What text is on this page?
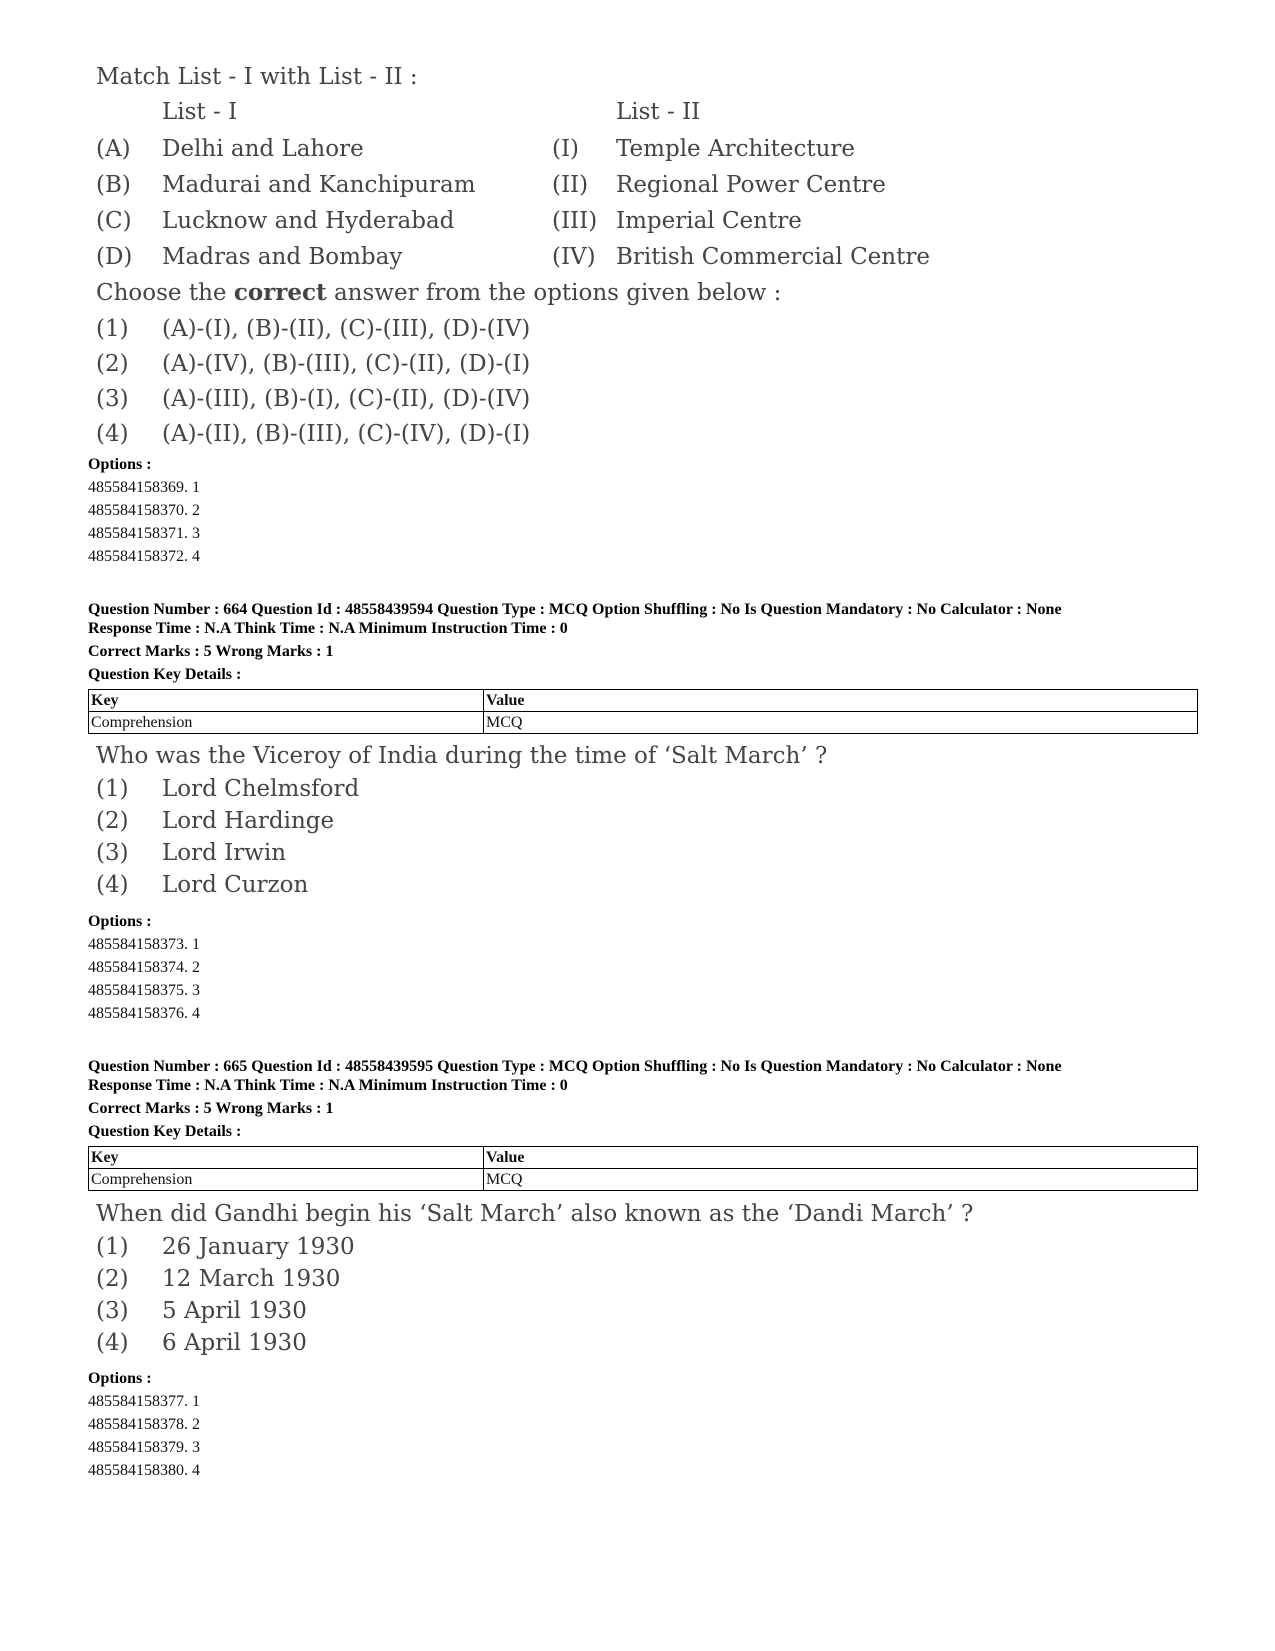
Match List - I with List - II :
List - I	List - II
(A) Delhi and Lahore	(I) Temple Architecture
(B) Madurai and Kanchipuram	(II) Regional Power Centre
(C) Lucknow and Hyderabad	(III) Imperial Centre
(D) Madras and Bombay	(IV) British Commercial Centre
Choose the correct answer from the options given below :
(1) (A)-(I), (B)-(II), (C)-(III), (D)-(IV)
(2) (A)-(IV), (B)-(III), (C)-(II), (D)-(I)
(3) (A)-(III), (B)-(I), (C)-(II), (D)-(IV)
(4) (A)-(II), (B)-(III), (C)-(IV), (D)-(I)
Options :
485584158369. 1
485584158370. 2
485584158371. 3
485584158372. 4
Question Number : 664 Question Id : 48558439594 Question Type : MCQ Option Shuffling : No Is Question Mandatory : No Calculator : None
Response Time : N.A Think Time : N.A Minimum Instruction Time : 0
Correct Marks : 5 Wrong Marks : 1
Question Key Details :
Key	Value
Comprehension	MCQ
Who was the Viceroy of India during the time of ‘Salt March’ ?
(1) Lord Chelmsford
(2) Lord Hardinge
(3) Lord Irwin
(4) Lord Curzon
Options :
485584158373. 1
485584158374. 2
485584158375. 3
485584158376. 4
Question Number : 665 Question Id : 48558439595 Question Type : MCQ Option Shuffling : No Is Question Mandatory : No Calculator : None
Response Time : N.A Think Time : N.A Minimum Instruction Time : 0
Correct Marks : 5 Wrong Marks : 1
Question Key Details :
Key	Value
Comprehension	MCQ
When did Gandhi begin his ‘Salt March’ also known as the ‘Dandi March’ ?
(1) 26 January 1930
(2) 12 March 1930
(3) 5 April 1930
(4) 6 April 1930
Options :
485584158377. 1
485584158378. 2
485584158379. 3
485584158380. 4
